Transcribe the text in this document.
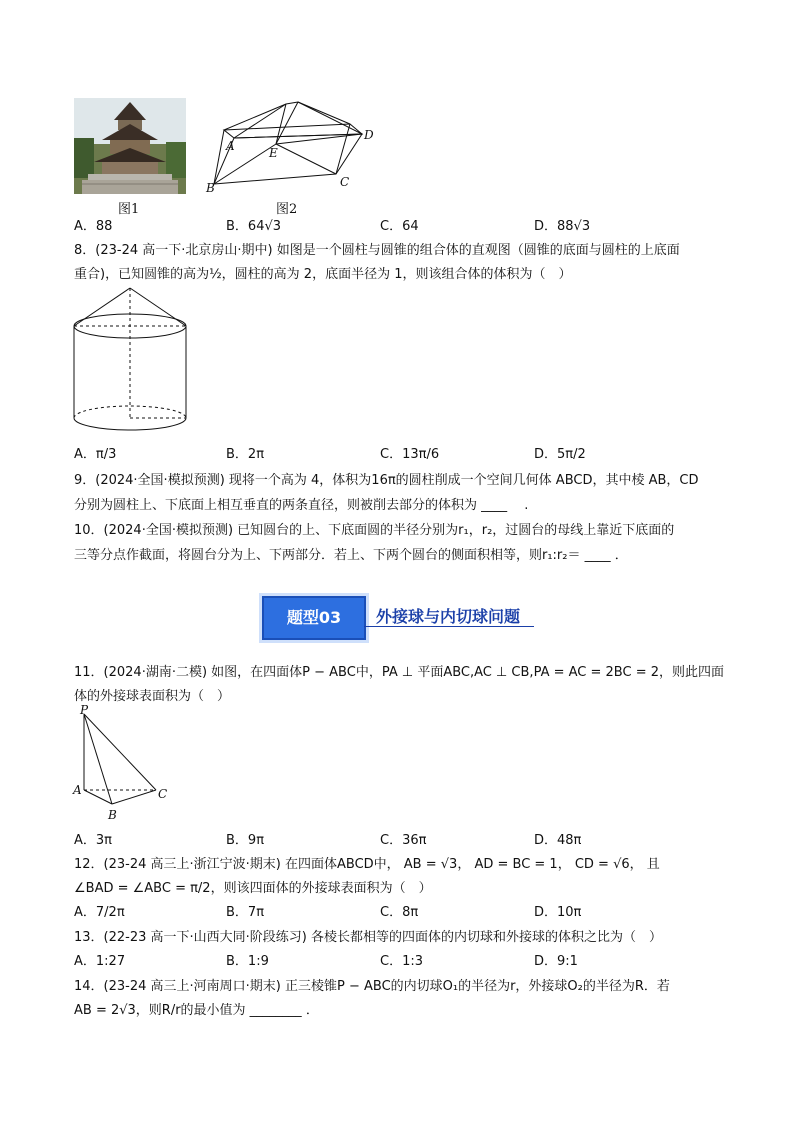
图1
A	E
D
B	C
图2
A．88	B．64√3	C．64	D．88√3
8．(23-24 高一下·北京房山·期中) 如图是一个圆柱与圆锥的组合体的直观图（圆锥的底面与圆柱的上底面
重合)，已知圆锥的高为½，圆柱的高为 2，底面半径为 1，则该组合体的体积为（　）
A．π/3	B．2π	C．13π/6	D．5π/2
9．(2024·全国·模拟预测) 现将一个高为 4，体积为16π的圆柱削成一个空间几何体 ABCD，其中棱 AB，CD
分别为圆柱上、下底面上相互垂直的两条直径，则被削去部分的体积为 ____ 　.
10．(2024·全国·模拟预测) 已知圆台的上、下底面圆的半径分别为r₁，r₂，过圆台的母线上靠近下底面的
三等分点作截面，将圆台分为上、下两部分．若上、下两个圆台的侧面积相等，则r₁:r₂＝ ____ ．
题型03	外接球与内切球问题
11．(2024·湖南·二模) 如图，在四面体P − ABC中，PA ⊥ 平面ABC,AC ⊥ CB,PA = AC = 2BC = 2，则此四面
体的外接球表面积为（　）
P
A
B
C
A．3π	B．9π	C．36π	D．48π
12．(23-24 高三上·浙江宁波·期末) 在四面体ABCD中， AB = √3， AD = BC = 1， CD = √6， 且
∠BAD = ∠ABC = π/2，则该四面体的外接球表面积为（　）
A．7/2π	B．7π	C．8π	D．10π
13．(22-23 高一下·山西大同·阶段练习) 各棱长都相等的四面体的内切球和外接球的体积之比为（　）
A．1:27	B．1:9	C．1:3	D．9:1
14．(23-24 高三上·河南周口·期末) 正三棱锥P − ABC的内切球O₁的半径为r，外接球O₂的半径为R．若
AB = 2√3，则R/r的最小值为 ________ ．
